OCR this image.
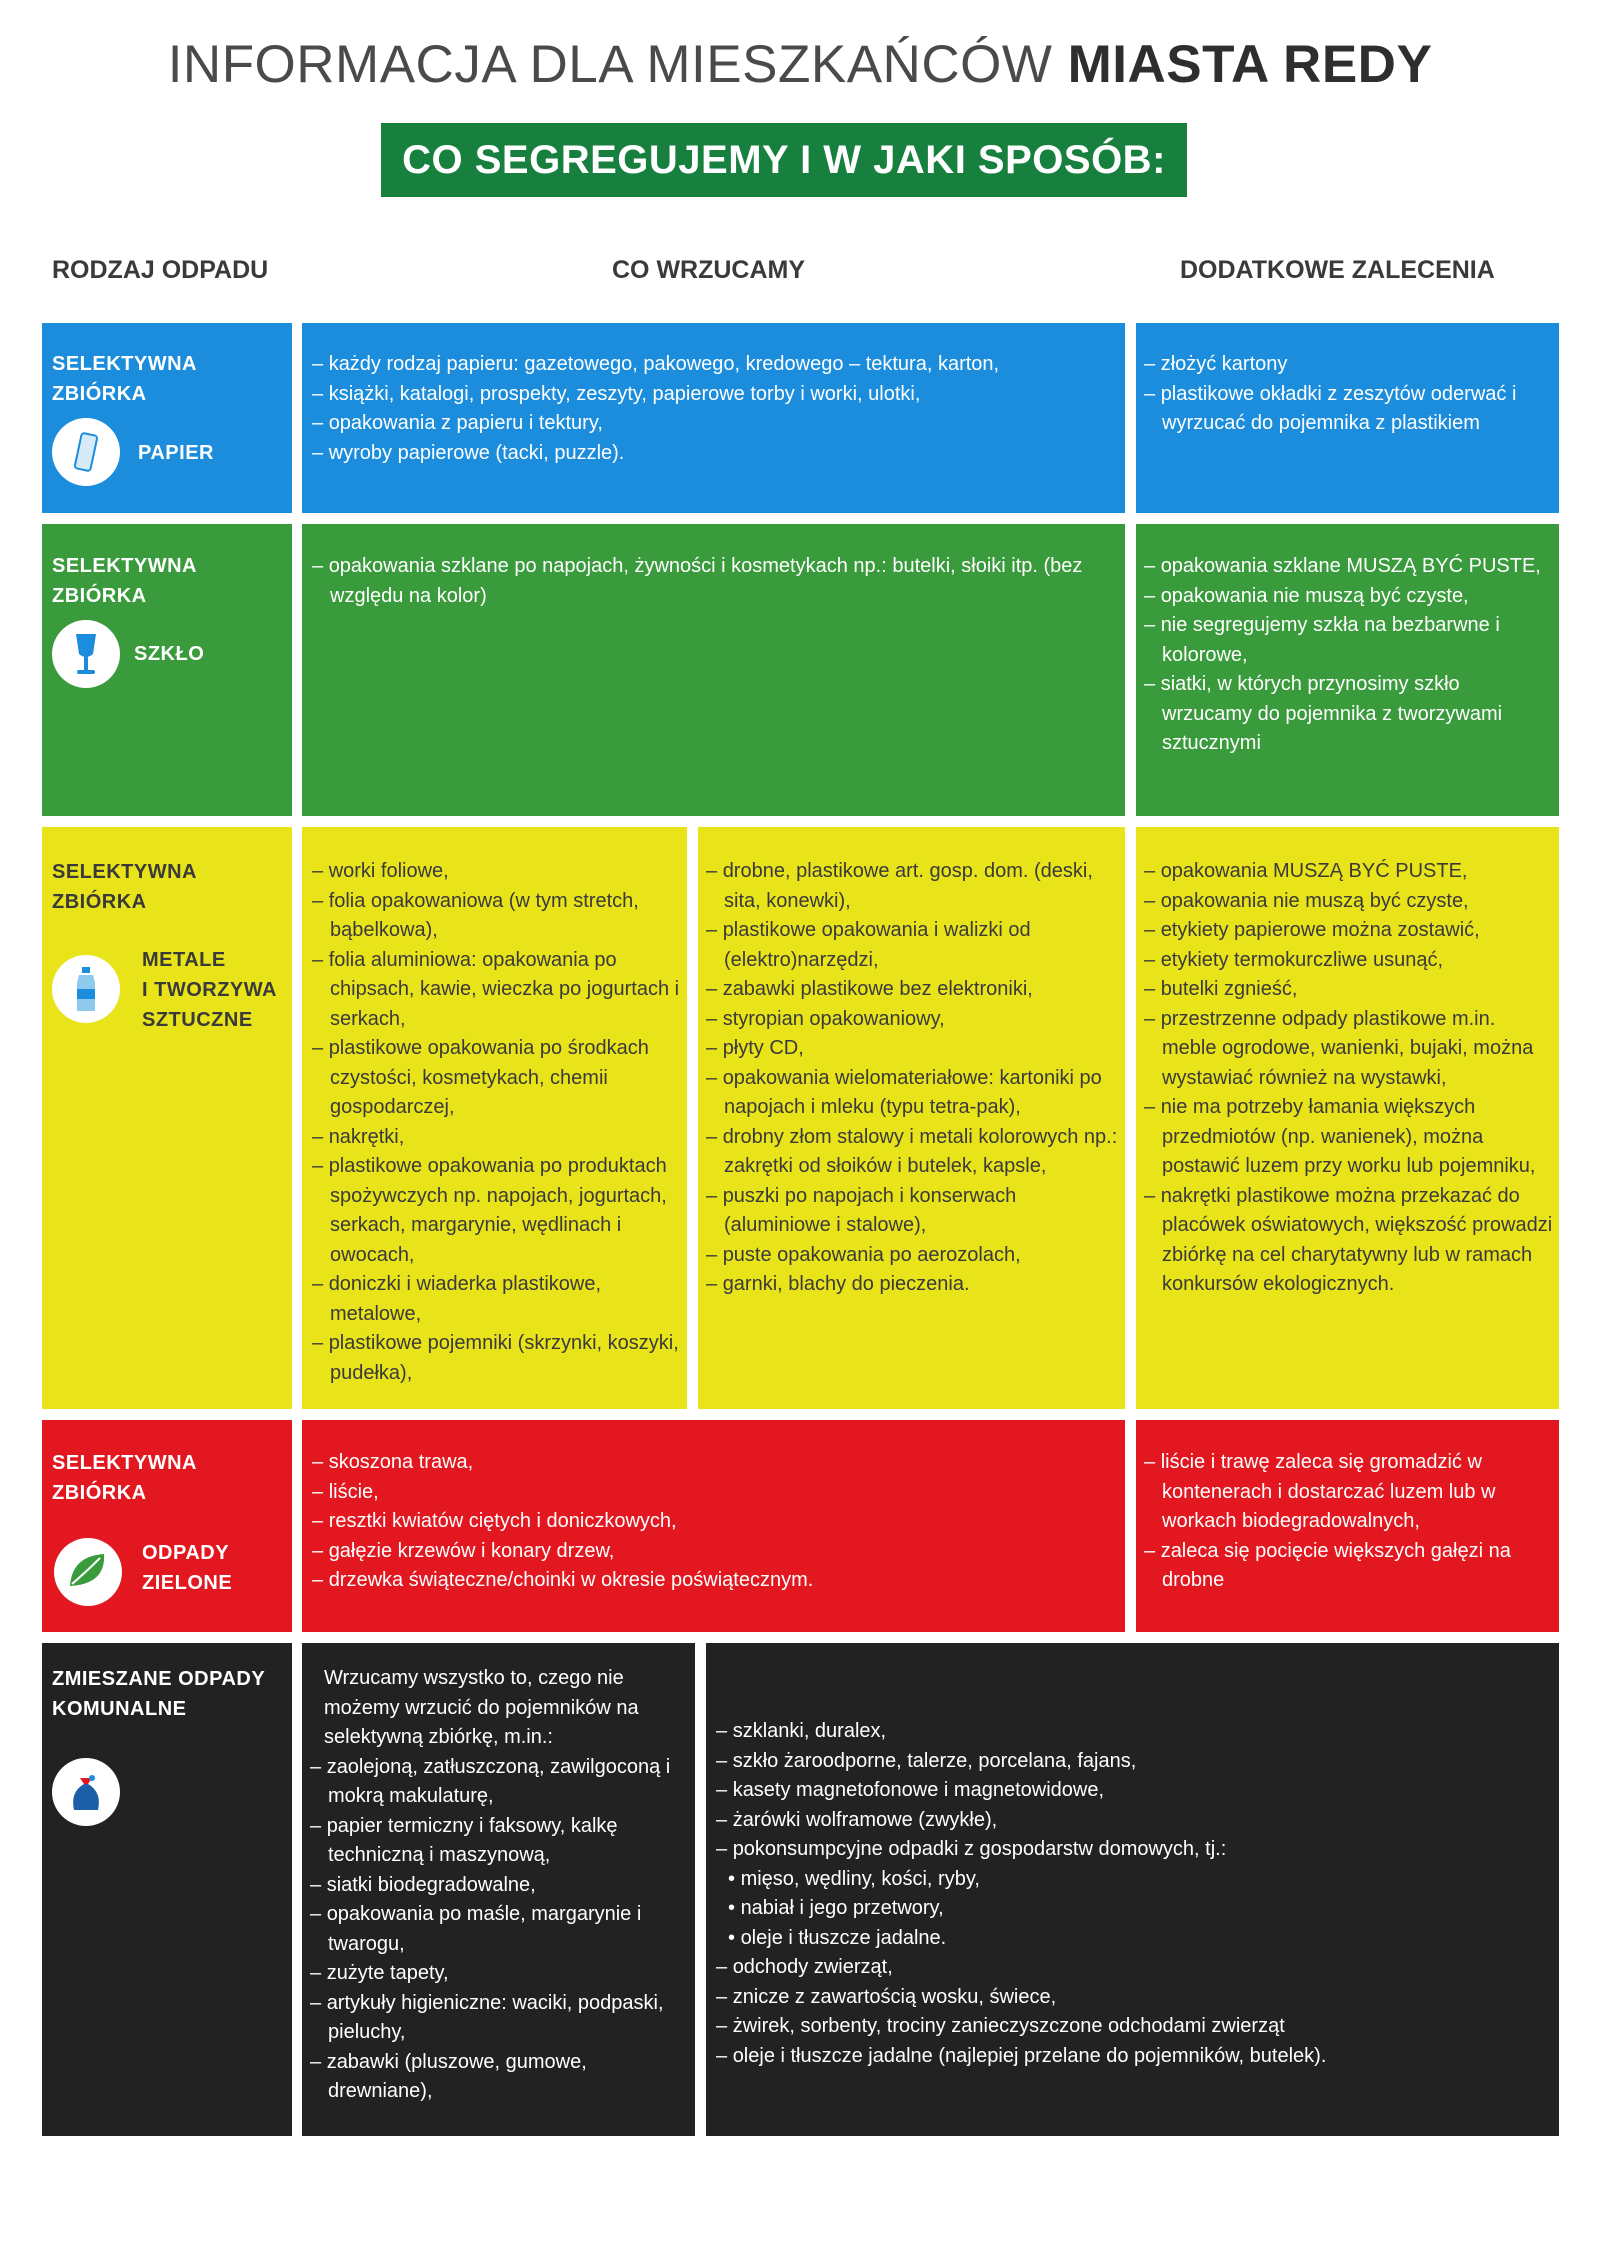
INFORMACJA DLA MIESZKAŃCÓW MIASTA REDY
CO SEGREGUJEMY I W JAKI SPOSÓB:
RODZAJ ODPADU	CO WRZUCAMY	DODATKOWE ZALECENIA
SELEKTYWNA
ZBIÓRKA
PAPIER
– każdy rodzaj papieru: gazetowego, pakowego, kredowego – tektura, karton,
– książki, katalogi, prospekty, zeszyty, papierowe torby i worki, ulotki,
– opakowania z papieru i tektury,
– wyroby papierowe (tacki, puzzle).
– złożyć kartony
– plastikowe okładki z zeszytów oderwać i wyrzucać do pojemnika z plastikiem
SELEKTYWNA
ZBIÓRKA
SZKŁO
– opakowania szklane po napojach, żywności i kosmetykach np.: butelki, słoiki itp. (bez względu na kolor)
– opakowania szklane MUSZĄ BYĆ PUSTE,
– opakowania nie muszą być czyste,
– nie segregujemy szkła na bezbarwne i kolorowe,
– siatki, w których przynosimy szkło wrzucamy do pojemnika z tworzywami sztucznymi
SELEKTYWNA
ZBIÓRKA
METALE
I TWORZYWA
SZTUCZNE
– worki foliowe,
– folia opakowaniowa (w tym stretch, bąbelkowa),
– folia aluminiowa: opakowania po chipsach, kawie, wieczka po jogurtach i serkach,
– plastikowe opakowania po środkach czystości, kosmetykach, chemii gospodarczej,
– nakrętki,
– plastikowe opakowania po produktach spożywczych np. napojach, jogurtach, serkach, margarynie, wędlinach i owocach,
– doniczki i wiaderka plastikowe, metalowe,
– plastikowe pojemniki (skrzynki, koszyki, pudełka),
– drobne, plastikowe art. gosp. dom. (deski, sita, konewki),
– plastikowe opakowania i walizki od (elektro)narzędzi,
– zabawki plastikowe bez elektroniki,
– styropian opakowaniowy,
– płyty CD,
– opakowania wielomateriałowe: kartoniki po napojach i mleku (typu tetra-pak),
– drobny złom stalowy i metali kolorowych np.: zakrętki od słoików i butelek, kapsle,
– puszki po napojach i konserwach (aluminiowe i stalowe),
– puste opakowania po aerozolach,
– garnki, blachy do pieczenia.
– opakowania MUSZĄ BYĆ PUSTE,
– opakowania nie muszą być czyste,
– etykiety papierowe można zostawić,
– etykiety termokurczliwe usunąć,
– butelki zgnieść,
– przestrzenne odpady plastikowe m.in. meble ogrodowe, wanienki, bujaki, można wystawiać również na wystawki,
– nie ma potrzeby łamania większych przedmiotów (np. wanienek), można postawić luzem przy worku lub pojemniku,
– nakrętki plastikowe można przekazać do placówek oświatowych, większość prowadzi zbiórkę na cel charytatywny lub w ramach konkursów ekologicznych.
SELEKTYWNA
ZBIÓRKA
ODPADY
ZIELONE
– skoszona trawa,
– liście,
– resztki kwiatów ciętych i doniczkowych,
– gałęzie krzewów i konary drzew,
– drzewka świąteczne/choinki w okresie poświątecznym.
– liście i trawę zaleca się gromadzić w kontenerach i dostarczać luzem lub w workach biodegradowalnych,
– zaleca się pocięcie większych gałęzi na drobne
ZMIESZANE ODPADY
KOMUNALNE
Wrzucamy wszystko to, czego nie możemy wrzucić do pojemników na selektywną zbiórkę, m.in.:
– zaolejoną, zatłuszczoną, zawilgoconą i mokrą makulaturę,
– papier termiczny i faksowy, kalkę techniczną i maszynową,
– siatki biodegradowalne,
– opakowania po maśle, margarynie i twarogu,
– zużyte tapety,
– artykuły higieniczne: waciki, podpaski, pieluchy,
– zabawki (pluszowe, gumowe, drewniane),
– szklanki, duralex,
– szkło żaroodporne, talerze, porcelana, fajans,
– kasety magnetofonowe i magnetowidowe,
– żarówki wolframowe (zwykłe),
– pokonsumpcyjne odpadki z gospodarstw domowych, tj.:
• mięso, wędliny, kości, ryby,
• nabiał i jego przetwory,
• oleje i tłuszcze jadalne.
– odchody zwierząt,
– znicze z zawartością wosku, świece,
– żwirek, sorbenty, trociny zanieczyszczone odchodami zwierząt
– oleje i tłuszcze jadalne (najlepiej przelane do pojemników, butelek).
